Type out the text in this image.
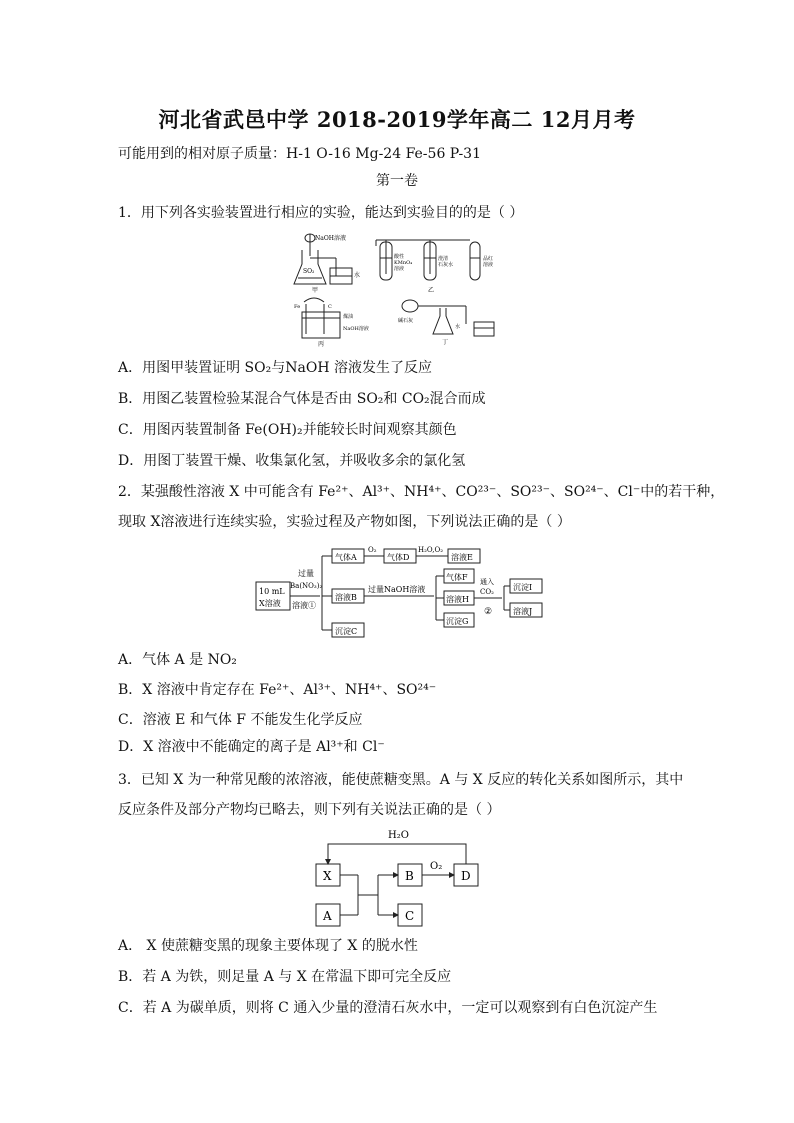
河北省武邑中学 2018-2019学年高二 12月月考
可能用到的相对原子质量：H-1 O-16 Mg-24 Fe-56 P-31
第一卷
1．用下列各实验装置进行相应的实验，能达到实验目的的是（ ）
NaOH溶液
SO₂
水
甲
酸性
KMnO₄
溶液
澄清
石灰水
品红
溶液
乙
Fe	C
煤油
NaOH溶液
丙
碱石灰
水
丁
A．用图甲装置证明 SO₂与NaOH 溶液发生了反应
B．用图乙装置检验某混合气体是否由 SO₂和 CO₂混合而成
C．用图丙装置制备 Fe(OH)₂并能较长时间观察其颜色
D．用图丁装置干燥、收集氯化氢，并吸收多余的氯化氢
2．某强酸性溶液 X 中可能含有 Fe²⁺、Al³⁺、NH⁴⁺、CO²³⁻、SO²³⁻、SO²⁴⁻、Cl⁻中的若干种，
现取 X溶液进行连续实验，实验过程及产物如图，下列说法正确的是（ ）
10 mL
X溶液
过量
Ba(NO₃)₂
溶液①
气体A
O₂
气体D
H₂O,O₂
溶液E
溶液B
过量NaOH溶液
气体F 通入
CO₂
②
溶液H
沉淀G
沉淀I
溶液J
沉淀C
A．气体 A 是 NO₂
B．X 溶液中肯定存在 Fe²⁺、Al³⁺、NH⁴⁺、SO²⁴⁻
C．溶液 E 和气体 F 不能发生化学反应
D．X 溶液中不能确定的离子是 Al³⁺和 Cl⁻
3．已知 X 为一种常见酸的浓溶液，能使蔗糖变黑。A 与 X 反应的转化关系如图所示，其中
反应条件及部分产物均已略去，则下列有关说法正确的是（ ）
H₂O
O₂
X
A
B
C
D
A． X 使蔗糖变黑的现象主要体现了 X 的脱水性
B．若 A 为铁，则足量 A 与 X 在常温下即可完全反应
C．若 A 为碳单质，则将 C 通入少量的澄清石灰水中，一定可以观察到有白色沉淀产生
